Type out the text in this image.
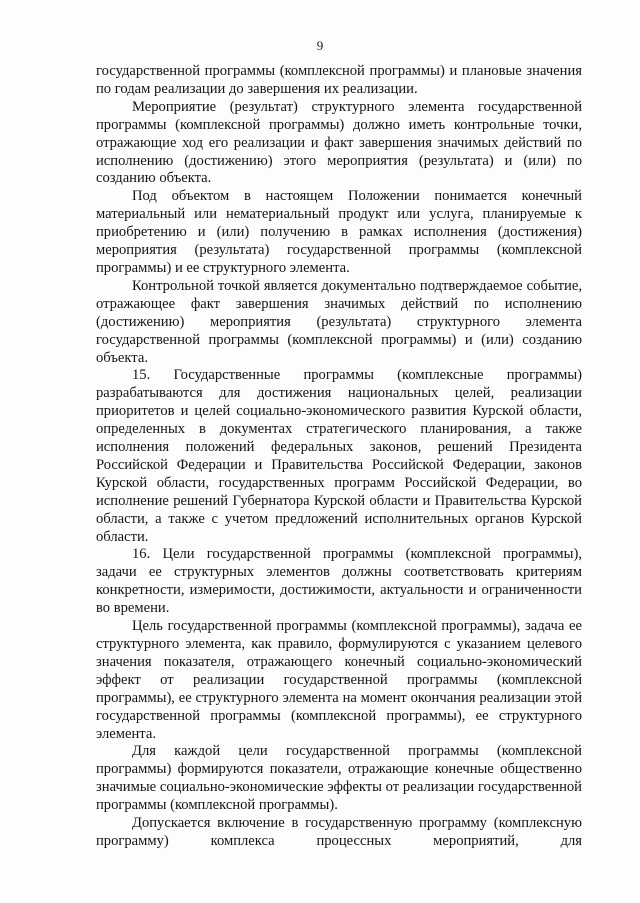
9

государственной программы (комплексной программы) и плановые значения по годам реализации до завершения их реализации.

Мероприятие (результат) структурного элемента государственной программы (комплексной программы) должно иметь контрольные точки, отражающие ход его реализации и факт завершения значимых действий по исполнению (достижению) этого мероприятия (результата) и (или) по созданию объекта.

Под объектом в настоящем Положении понимается конечный материальный или нематериальный продукт или услуга, планируемые к приобретению и (или) получению в рамках исполнения (достижения) мероприятия (результата) государственной программы (комплексной программы) и ее структурного элемента.

Контрольной точкой является документально подтверждаемое событие, отражающее факт завершения значимых действий по исполнению (достижению) мероприятия (результата) структурного элемента государственной программы (комплексной программы) и (или) созданию объекта.

15. Государственные программы (комплексные программы) разрабатываются для достижения национальных целей, реализации приоритетов и целей социально-экономического развития Курской области, определенных в документах стратегического планирования, а также исполнения положений федеральных законов, решений Президента Российской Федерации и Правительства Российской Федерации, законов Курской области, государственных программ Российской Федерации, во исполнение решений Губернатора Курской области и Правительства Курской области, а также с учетом предложений исполнительных органов Курской области.

16. Цели государственной программы (комплексной программы), задачи ее структурных элементов должны соответствовать критериям конкретности, измеримости, достижимости, актуальности и ограниченности во времени.

Цель государственной программы (комплексной программы), задача ее структурного элемента, как правило, формулируются с указанием целевого значения показателя, отражающего конечный социально-экономический эффект от реализации государственной программы (комплексной программы), ее структурного элемента на момент окончания реализации этой государственной программы (комплексной программы), ее структурного элемента.

Для каждой цели государственной программы (комплексной программы) формируются показатели, отражающие конечные общественно значимые социально-экономические эффекты от реализации государственной программы (комплексной программы).

Допускается включение в государственную программу (комплексную программу) комплекса процессных мероприятий, для
